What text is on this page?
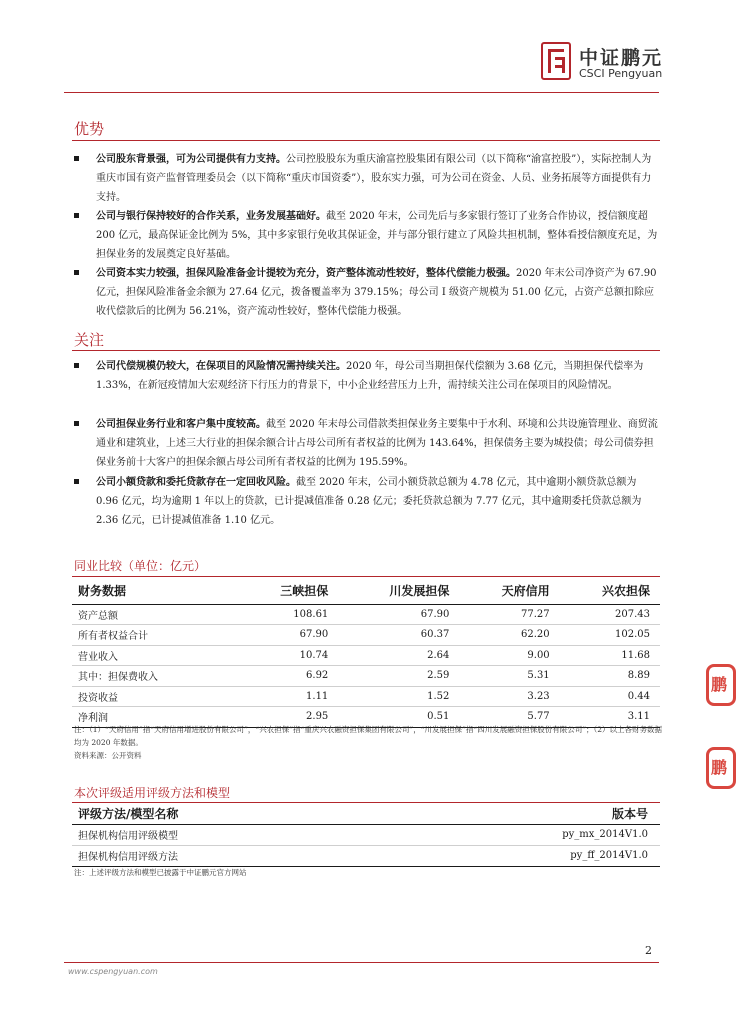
中证鹏元
CSCI Pengyuan
优势
公司股东背景强，可为公司提供有力支持。公司控股股东为重庆渝富控股集团有限公司（以下简称“渝富控股”），实际控制人为重庆市国有资产监督管理委员会（以下简称“重庆市国资委”），股东实力强，可为公司在资金、人员、业务拓展等方面提供有力支持。
公司与银行保持较好的合作关系，业务发展基础好。截至 2020 年末，公司先后与多家银行签订了业务合作协议，授信额度超 200 亿元，最高保证金比例为 5%，其中多家银行免收其保证金，并与部分银行建立了风险共担机制，整体看授信额度充足，为担保业务的发展奠定良好基础。
公司资本实力较强，担保风险准备金计提较为充分，资产整体流动性较好，整体代偿能力极强。2020 年末公司净资产为 67.90 亿元，担保风险准备金余额为 27.64 亿元，拨备覆盖率为 379.15%；母公司 I 级资产规模为 51.00 亿元，占资产总额扣除应收代偿款后的比例为 56.21%，资产流动性较好，整体代偿能力极强。
关注
公司代偿规模仍较大，在保项目的风险情况需持续关注。2020 年，母公司当期担保代偿额为 3.68 亿元，当期担保代偿率为 1.33%，在新冠疫情加大宏观经济下行压力的背景下，中小企业经营压力上升，需持续关注公司在保项目的风险情况。
公司担保业务行业和客户集中度较高。截至 2020 年末母公司借款类担保业务主要集中于水利、环境和公共设施管理业、商贸流通业和建筑业，上述三大行业的担保余额合计占母公司所有者权益的比例为 143.64%，担保债务主要为城投债；母公司债券担保业务前十大客户的担保余额占母公司所有者权益的比例为 195.59%。
公司小额贷款和委托贷款存在一定回收风险。截至 2020 年末，公司小额贷款总额为 4.78 亿元，其中逾期小额贷款总额为 0.96 亿元，均为逾期 1 年以上的贷款，已计提减值准备 0.28 亿元；委托贷款总额为 7.77 亿元，其中逾期委托贷款总额为 2.36 亿元，已计提减值准备 1.10 亿元。
同业比较（单位：亿元）
财务数据	三峡担保	川发展担保	天府信用	兴农担保
资产总额	108.61	67.90	77.27	207.43
所有者权益合计	67.90	60.37	62.20	102.05
营业收入	10.74	2.64	9.00	11.68
其中：担保费收入	6.92	2.59	5.31	8.89
投资收益	1.11	1.52	3.23	0.44
净利润	2.95	0.51	5.77	3.11
注：（1）“天府信用”指“天府信用增进股份有限公司”，“兴农担保”指“重庆兴农融资担保集团有限公司”，“川发展担保”指“四川发展融资担保股份有限公司”；（2）以上各财务数据均为 2020 年数据。
资料来源：公开资料
本次评级适用评级方法和模型
评级方法/模型名称	版本号
担保机构信用评级模型	py_mx_2014V1.0
担保机构信用评级方法	py_ff_2014V1.0
注：上述评级方法和模型已披露于中证鹏元官方网站
鹏
鹏
2
www.cspengyuan.com
